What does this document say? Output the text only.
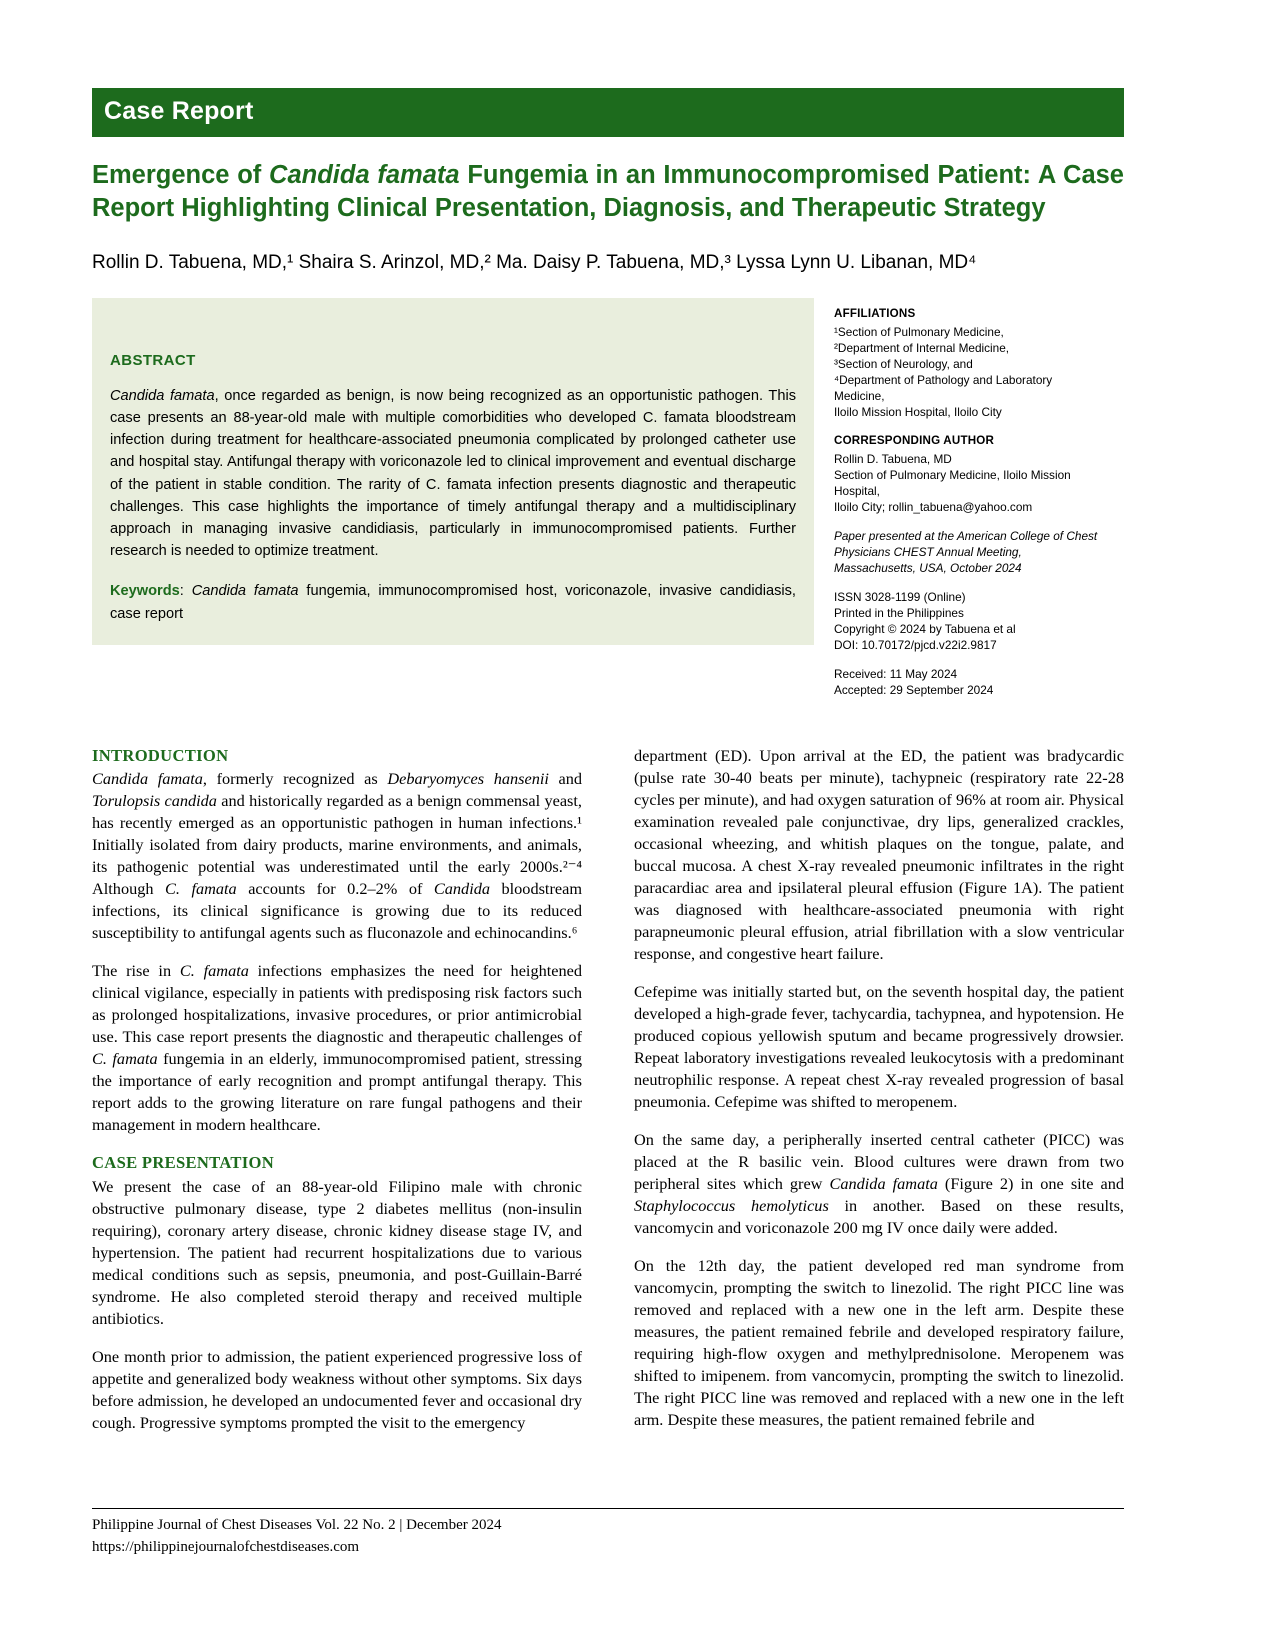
Case Report
Emergence of Candida famata Fungemia in an Immunocompromised Patient: A Case Report Highlighting Clinical Presentation, Diagnosis, and Therapeutic Strategy
Rollin D. Tabuena, MD,¹ Shaira S. Arinzol, MD,² Ma. Daisy P. Tabuena, MD,³ Lyssa Lynn U. Libanan, MD⁴
ABSTRACT
Candida famata, once regarded as benign, is now being recognized as an opportunistic pathogen. This case presents an 88-year-old male with multiple comorbidities who developed C. famata bloodstream infection during treatment for healthcare-associated pneumonia complicated by prolonged catheter use and hospital stay. Antifungal therapy with voriconazole led to clinical improvement and eventual discharge of the patient in stable condition. The rarity of C. famata infection presents diagnostic and therapeutic challenges. This case highlights the importance of timely antifungal therapy and a multidisciplinary approach in managing invasive candidiasis, particularly in immunocompromised patients. Further research is needed to optimize treatment.
Keywords: Candida famata fungemia, immunocompromised host, voriconazole, invasive candidiasis, case report
AFFILIATIONS
¹Section of Pulmonary Medicine,
²Department of Internal Medicine,
³Section of Neurology, and
⁴Department of Pathology and Laboratory Medicine,
Iloilo Mission Hospital, Iloilo City
CORRESPONDING AUTHOR
Rollin D. Tabuena, MD
Section of Pulmonary Medicine, Iloilo Mission Hospital,
Iloilo City; rollin_tabuena@yahoo.com
Paper presented at the American College of Chest Physicians CHEST Annual Meeting, Massachusetts, USA, October 2024
ISSN 3028-1199 (Online)
Printed in the Philippines
Copyright © 2024 by Tabuena et al
DOI: 10.70172/pjcd.v22i2.9817
Received: 11 May 2024
Accepted: 29 September 2024
INTRODUCTION

Candida famata, formerly recognized as Debaryomyces hansenii and Torulopsis candida and historically regarded as a benign commensal yeast, has recently emerged as an opportunistic pathogen in human infections.¹ Initially isolated from dairy products, marine environments, and animals, its pathogenic potential was underestimated until the early 2000s.²⁻⁴ Although C. famata accounts for 0.2–2% of Candida bloodstream infections, its clinical significance is growing due to its reduced susceptibility to antifungal agents such as fluconazole and echinocandins.⁶

The rise in C. famata infections emphasizes the need for heightened clinical vigilance, especially in patients with predisposing risk factors such as prolonged hospitalizations, invasive procedures, or prior antimicrobial use. This case report presents the diagnostic and therapeutic challenges of C. famata fungemia in an elderly, immunocompromised patient, stressing the importance of early recognition and prompt antifungal therapy. This report adds to the growing literature on rare fungal pathogens and their management in modern healthcare.

CASE PRESENTATION

We present the case of an 88-year-old Filipino male with chronic obstructive pulmonary disease, type 2 diabetes mellitus (non-insulin requiring), coronary artery disease, chronic kidney disease stage IV, and hypertension. The patient had recurrent hospitalizations due to various medical conditions such as sepsis, pneumonia, and post-Guillain-Barré syndrome. He also completed steroid therapy and received multiple antibiotics.

One month prior to admission, the patient experienced progressive loss of appetite and generalized body weakness without other symptoms. Six days before admission, he developed an undocumented fever and occasional dry cough. Progressive symptoms prompted the visit to the emergency

department (ED). Upon arrival at the ED, the patient was bradycardic (pulse rate 30-40 beats per minute), tachypneic (respiratory rate 22-28 cycles per minute), and had oxygen saturation of 96% at room air. Physical examination revealed pale conjunctivae, dry lips, generalized crackles, occasional wheezing, and whitish plaques on the tongue, palate, and buccal mucosa. A chest X-ray revealed pneumonic infiltrates in the right paracardiac area and ipsilateral pleural effusion (Figure 1A). The patient was diagnosed with healthcare-associated pneumonia with right parapneumonic pleural effusion, atrial fibrillation with a slow ventricular response, and congestive heart failure.

Cefepime was initially started but, on the seventh hospital day, the patient developed a high-grade fever, tachycardia, tachypnea, and hypotension. He produced copious yellowish sputum and became progressively drowsier. Repeat laboratory investigations revealed leukocytosis with a predominant neutrophilic response. A repeat chest X-ray revealed progression of basal pneumonia. Cefepime was shifted to meropenem.

On the same day, a peripherally inserted central catheter (PICC) was placed at the R basilic vein. Blood cultures were drawn from two peripheral sites which grew Candida famata (Figure 2) in one site and Staphylococcus hemolyticus in another. Based on these results, vancomycin and voriconazole 200 mg IV once daily were added.

On the 12th day, the patient developed red man syndrome from vancomycin, prompting the switch to linezolid. The right PICC line was removed and replaced with a new one in the left arm. Despite these measures, the patient remained febrile and developed respiratory failure, requiring high-flow oxygen and methylprednisolone. Meropenem was shifted to imipenem. from vancomycin, prompting the switch to linezolid. The right PICC line was removed and replaced with a new one in the left arm. Despite these measures, the patient remained febrile and

Philippine Journal of Chest Diseases Vol. 22 No. 2 | December 2024
https://philippinejournalofchestdiseases.com
